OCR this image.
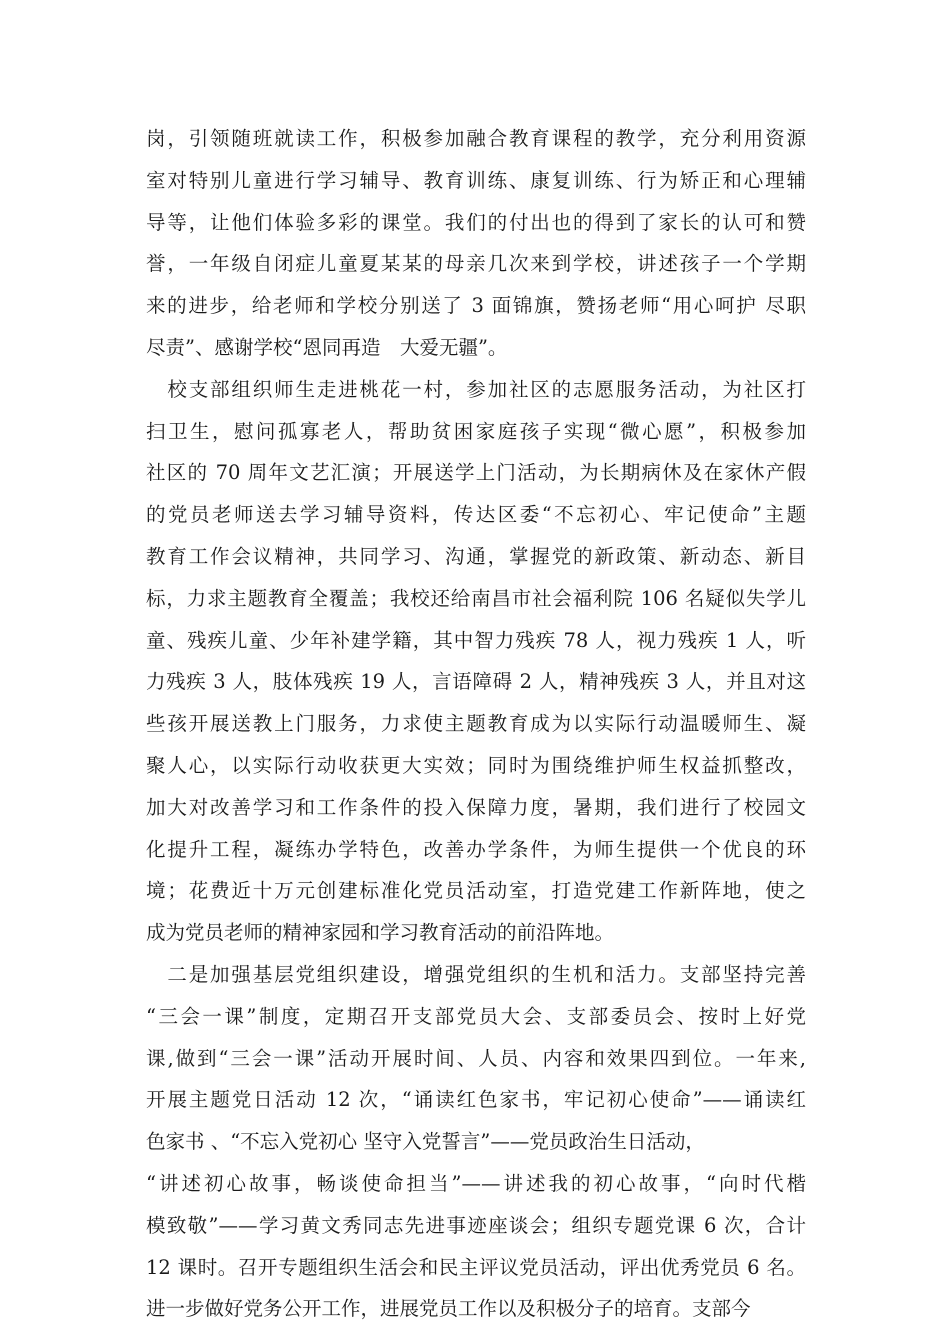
岗，引领随班就读工作，积极参加融合教育课程的教学，充分利用资源
室对特别儿童进行学习辅导、教育训练、康复训练、行为矫正和心理辅
导等，让他们体验多彩的课堂。我们的付出也的得到了家长的认可和赞
誉，一年级自闭症儿童夏某某的母亲几次来到学校，讲述孩子一个学期
来的进步，给老师和学校分别送了 3 面锦旗，赞扬老师“用心呵护 尽职
尽责”、感谢学校“恩同再造　大爱无疆”。
　校支部组织师生走进桃花一村，参加社区的志愿服务活动，为社区打
扫卫生，慰问孤寡老人，帮助贫困家庭孩子实现“微心愿”，积极参加
社区的 70 周年文艺汇演；开展送学上门活动，为长期病休及在家休产假
的党员老师送去学习辅导资料，传达区委“不忘初心、牢记使命”主题
教育工作会议精神，共同学习、沟通，掌握党的新政策、新动态、新目
标，力求主题教育全覆盖；我校还给南昌市社会福利院 106 名疑似失学儿
童、残疾儿童、少年补建学籍，其中智力残疾 78 人，视力残疾 1 人，听
力残疾 3 人，肢体残疾 19 人，言语障碍 2 人，精神残疾 3 人，并且对这
些孩开展送教上门服务，力求使主题教育成为以实际行动温暖师生、凝
聚人心，以实际行动收获更大实效；同时为围绕维护师生权益抓整改，
加大对改善学习和工作条件的投入保障力度，暑期，我们进行了校园文
化提升工程，凝练办学特色，改善办学条件，为师生提供一个优良的环
境；花费近十万元创建标准化党员活动室，打造党建工作新阵地，使之
成为党员老师的精神家园和学习教育活动的前沿阵地。
　二是加强基层党组织建设，增强党组织的生机和活力。支部坚持完善
“三会一课”制度，定期召开支部党员大会、支部委员会、按时上好党
课,做到“三会一课”活动开展时间、人员、内容和效果四到位。一年来,
开展主题党日活动 12 次，“诵读红色家书，牢记初心使命”——诵读红
色家书 、“不忘入党初心 坚守入党誓言”——党员政治生日活动，
“讲述初心故事，畅谈使命担当”——讲述我的初心故事，“向时代楷
模致敬”——学习黄文秀同志先进事迹座谈会；组织专题党课 6 次，合计
12 课时。召开专题组织生活会和民主评议党员活动，评出优秀党员 6 名。
进一步做好党务公开工作，进展党员工作以及积极分子的培育。支部今
